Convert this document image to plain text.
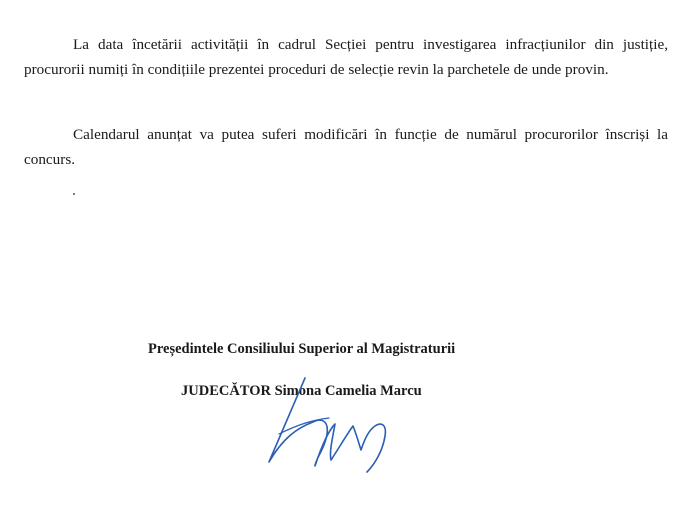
La data încetării activității în cadrul Secției pentru investigarea infracțiunilor din justiție, procurorii numiți în condițiile prezentei proceduri de selecție revin la parchetele de unde provin.

Calendarul anunțat va putea suferi modificări în funcție de numărul procurorilor înscriși la concurs.

Președintele Consiliului Superior al Magistraturii

JUDECĂTOR Simona Camelia Marcu
